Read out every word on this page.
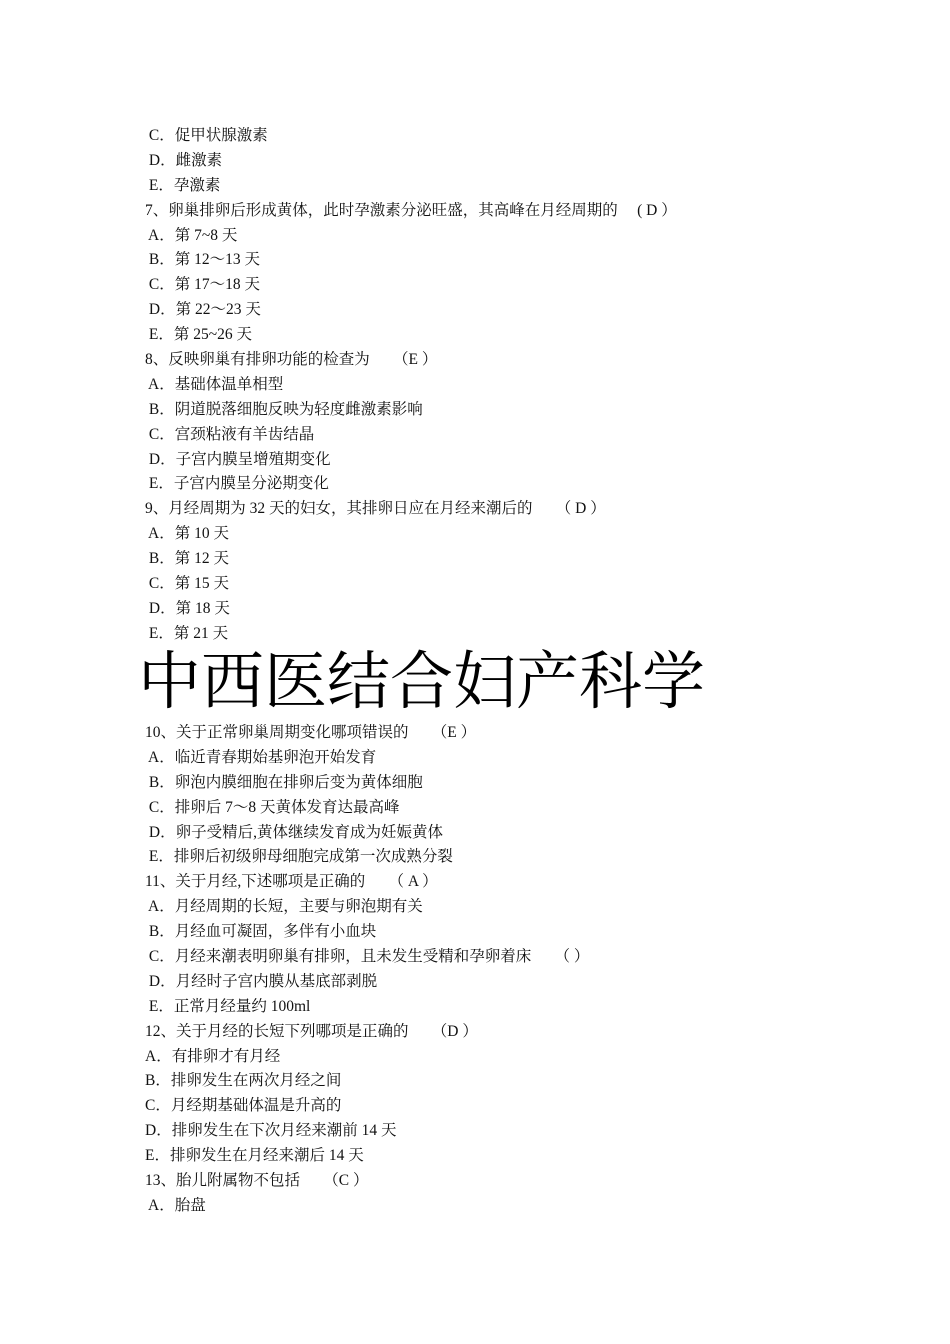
C．促甲状腺激素
D．雌激素
E．孕激素
7、卵巢排卵后形成黄体，此时孕激素分泌旺盛，其高峰在月经周期的　 ( D ）
A．第 7~8 天
B．第 12～13 天
C．第 17～18 天
D．第 22～23 天
E．第 25~26 天
8、反映卵巢有排卵功能的检查为　　（E ）
A．基础体温单相型
B．阴道脱落细胞反映为轻度雌激素影响
C．宫颈粘液有羊齿结晶
D．子宫内膜呈增殖期变化
E．子宫内膜呈分泌期变化
9、月经周期为 32 天的妇女，其排卵日应在月经来潮后的　　（ D ）
A．第 10 天
B．第 12 天
C．第 15 天
D．第 18 天
E．第 21 天
中西医结合妇产科学
10、关于正常卵巢周期变化哪项错误的　　（E ）
A．临近青春期始基卵泡开始发育
B．卵泡内膜细胞在排卵后变为黄体细胞
C．排卵后 7～8 天黄体发育达最高峰
D．卵子受精后,黄体继续发育成为妊娠黄体
E．排卵后初级卵母细胞完成第一次成熟分裂
11、关于月经,下述哪项是正确的　　（ A ）
A．月经周期的长短，主要与卵泡期有关
B．月经血可凝固，多伴有小血块
C．月经来潮表明卵巢有排卵，且未发生受精和孕卵着床　　（ ）
D．月经时子宫内膜从基底部剥脱
E．正常月经量约 100ml
12、关于月经的长短下列哪项是正确的　　（D ）
A．有排卵才有月经
B．排卵发生在两次月经之间
C．月经期基础体温是升高的
D．排卵发生在下次月经来潮前 14 天
E．排卵发生在月经来潮后 14 天
13、胎儿附属物不包括　　（C ）
A．胎盘
